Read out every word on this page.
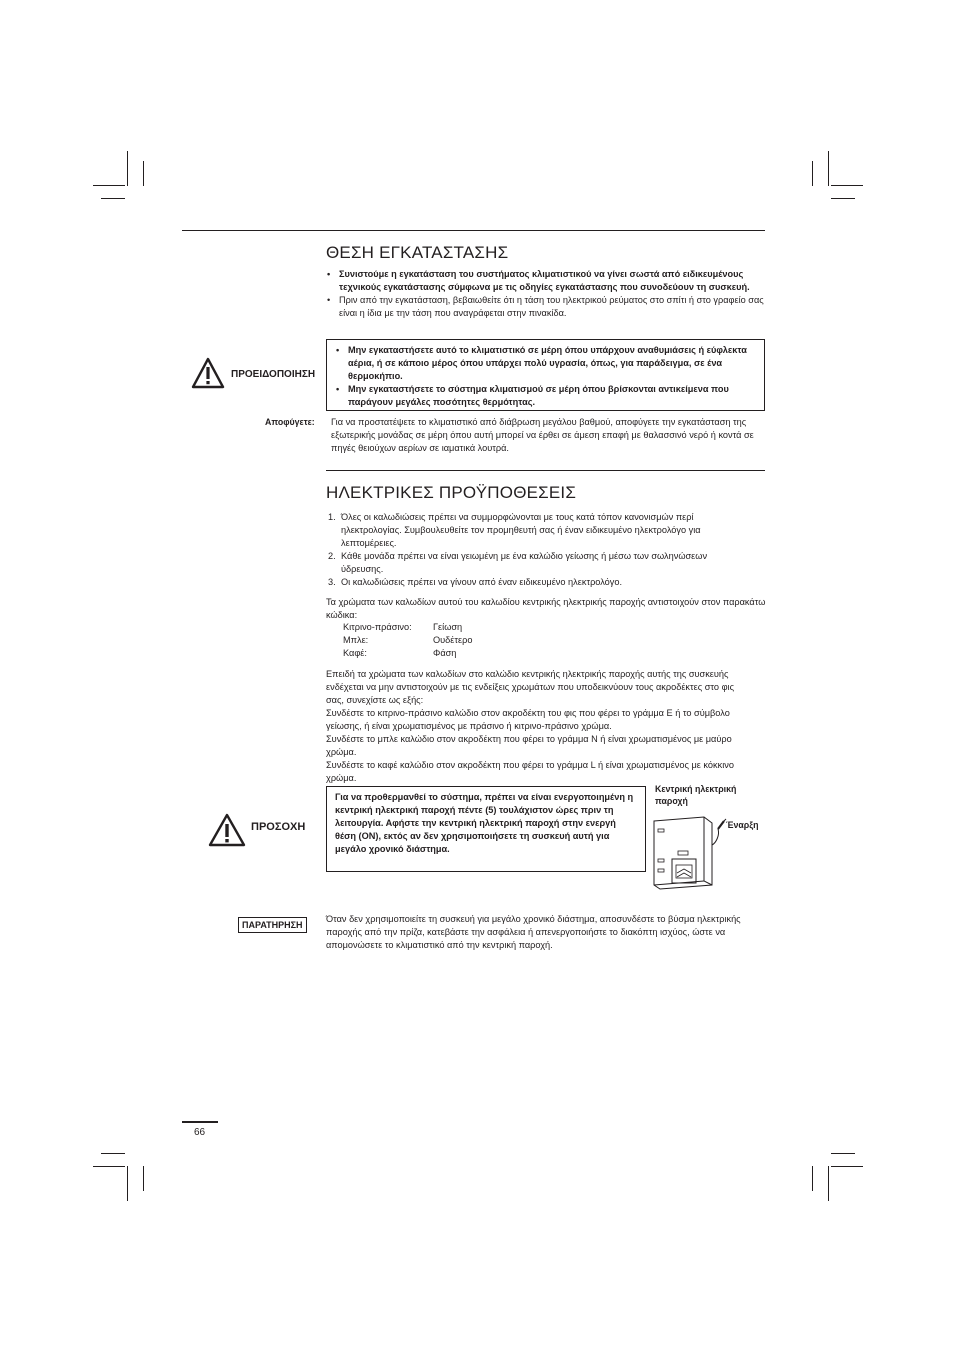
ΘΕΣΗ ΕΓΚΑΤΑΣΤΑΣΗΣ
• Συνιστούμε η εγκατάσταση του συστήματος κλιματιστικού να γίνει σωστά από ειδικευμένους τεχνικούς εγκατάστασης σύμφωνα με τις οδηγίες εγκατάστασης που συνοδεύουν τη συσκευή.
• Πριν από την εγκατάσταση, βεβαιωθείτε ότι η τάση του ηλεκτρικού ρεύματος στο σπίτι ή στο γραφείο σας είναι η ίδια με την τάση που αναγράφεται στην πινακίδα.
ΠΡΟΕΙΔΟΠΟΙΗΣΗ
• Μην εγκαταστήσετε αυτό το κλιματιστικό σε μέρη όπου υπάρχουν αναθυμιάσεις ή εύφλεκτα αέρια, ή σε κάποιο μέρος όπου υπάρχει πολύ υγρασία, όπως, για παράδειγμα, σε ένα θερμοκήπιο.
• Μην εγκαταστήσετε το σύστημα κλιματισμού σε μέρη όπου βρίσκονται αντικείμενα που παράγουν μεγάλες ποσότητες θερμότητας.
Αποφύγετε: Για να προστατέψετε το κλιματιστικό από διάβρωση μεγάλου βαθμού, αποφύγετε την εγκατάσταση της εξωτερικής μονάδας σε μέρη όπου αυτή μπορεί να έρθει σε άμεση επαφή με θαλασσινό νερό ή κοντά σε πηγές θειούχων αερίων σε ιαματικά λουτρά.
ΗΛΕΚΤΡΙΚΕΣ ΠΡΟΫΠΟΘΕΣΕΙΣ
1. Όλες οι καλωδιώσεις πρέπει να συμμορφώνονται με τους κατά τόπον κανονισμών περί ηλεκτρολογίας. Συμβουλευθείτε τον προμηθευτή σας ή έναν ειδικευμένο ηλεκτρολόγο για λεπτομέρειες.
2. Κάθε μονάδα πρέπει να είναι γειωμένη με ένα καλώδιο γείωσης ή μέσω των σωληνώσεων ύδρευσης.
3. Οι καλωδιώσεις πρέπει να γίνουν από έναν ειδικευμένο ηλεκτρολόγο.
Τα χρώματα των καλωδίων αυτού του καλωδίου κεντρικής ηλεκτρικής παροχής αντιστοιχούν στον παρακάτω κώδικα:
Κιτρινο-πράσινο:	Γείωση
Μπλε:	Ουδέτερο
Καφέ:	Φάση
Επειδή τα χρώματα των καλωδίων στο καλώδιο κεντρικής ηλεκτρικής παροχής αυτής της συσκευής ενδέχεται να μην αντιστοιχούν με τις ενδείξεις χρωμάτων που υποδεικνύουν τους ακροδέκτες στο φις σας, συνεχίστε ως εξής:
Συνδέστε το κιτρινο-πράσινο καλώδιο στον ακροδέκτη του φις που φέρει το γράμμα E ή το σύμβολο γείωσης, ή είναι χρωματισμένος με πράσινο ή κιτρινο-πράσινο χρώμα.
Συνδέστε το μπλε καλώδιο στον ακροδέκτη που φέρει το γράμμα N ή είναι χρωματισμένος με μαύρο χρώμα.
Συνδέστε το καφέ καλώδιο στον ακροδέκτη που φέρει το γράμμα L ή είναι χρωματισμένος με κόκκινο χρώμα.
ΠΡΟΣΟΧΗ
Για να προθερμανθεί το σύστημα, πρέπει να είναι ενεργοποιημένη η κεντρική ηλεκτρική παροχή πέντε (5) τουλάχιστον ώρες πριν τη λειτουργία. Αφήστε την κεντρική ηλεκτρική παροχή στην ενεργή θέση (ON), εκτός αν δεν χρησιμοποιήσετε τη συσκευή αυτή για μεγάλο χρονικό διάστημα.
Κεντρική ηλεκτρική παροχή
Έναρξη
ΠΑΡΑΤΗΡΗΣΗ
Όταν δεν χρησιμοποιείτε τη συσκευή για μεγάλο χρονικό διάστημα, αποσυνδέστε το βύσμα ηλεκτρικής παροχής από την πρίζα, κατεβάστε την ασφάλεια ή απενεργοποιήστε το διακόπτη ισχύος, ώστε να απομονώσετε το κλιματιστικό από την κεντρική παροχή.
66
